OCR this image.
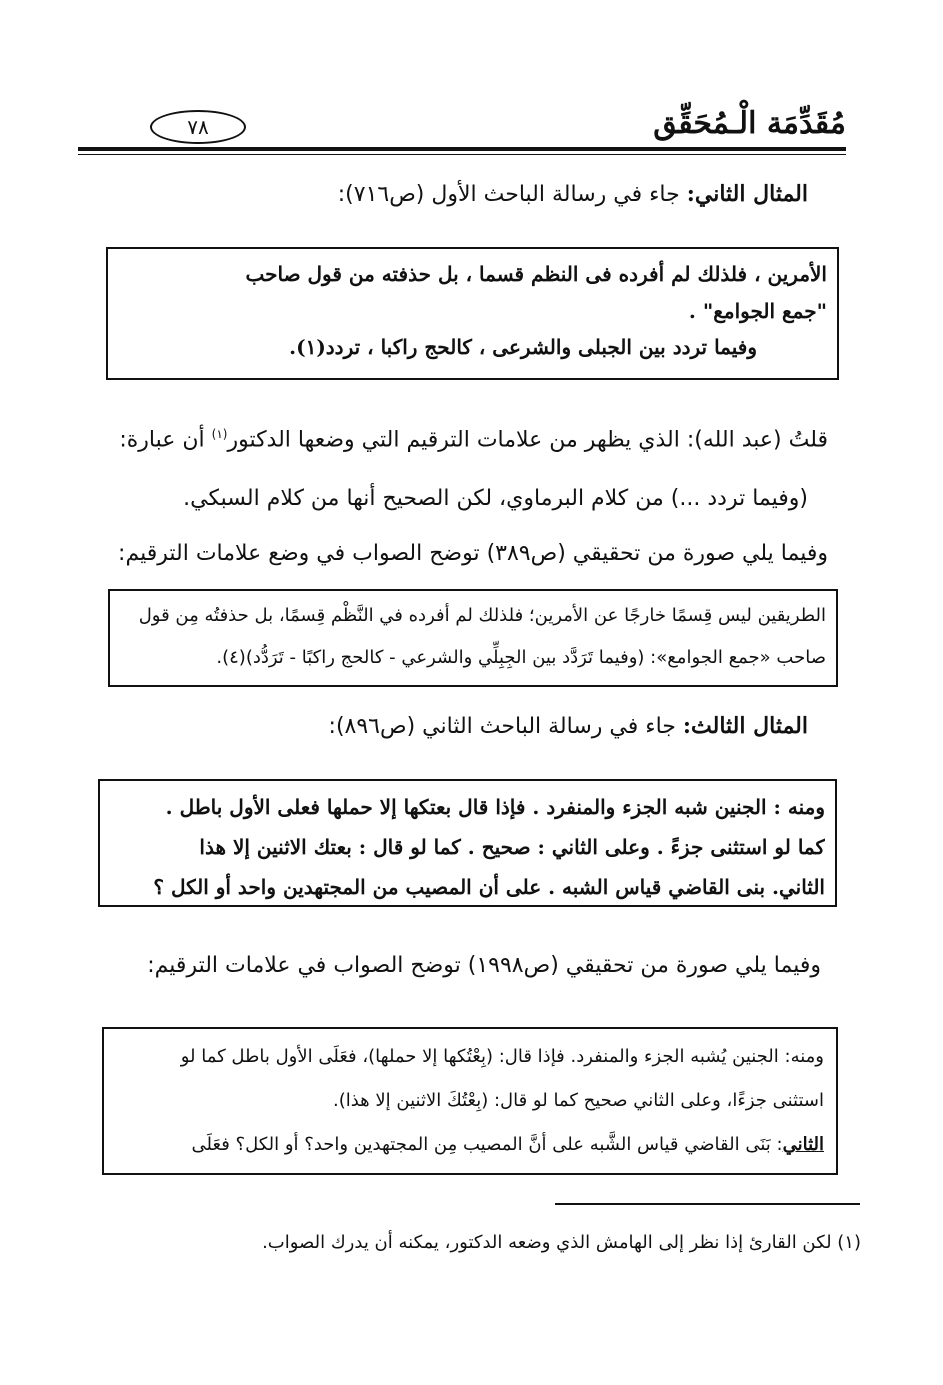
مُقَدِّمَة الْـمُحَقِّق
٧٨
المثال الثاني: جاء في رسالة الباحث الأول (ص٧١٦):
الأمرين ، فلذلك لم أفرده فى النظم قسما ، بل حذفته من قول صاحب
"جمع الجوامع" .
وفيما تردد بين الجبلى والشرعى ، كالحج راكبا ، تردد(١).
قلتُ (عبد الله): الذي يظهر من علامات الترقيم التي وضعها الدكتور$^{(١)}$ أن عبارة:
(وفيما تردد ...) من كلام البرماوي، لكن الصحيح أنها من كلام السبكي.
وفيما يلي صورة من تحقيقي (ص٣٨٩) توضح الصواب في وضع علامات الترقيم:
الطريقين ليس قِسمًا خارجًا عن الأمرين؛ فلذلك لم أفرده في النَّظْم قِسمًا، بل حذفتُه مِن قول
صاحب «جمع الجوامع»: (وفيما تَرَدَّد بين الجِبِلِّي والشرعي - كالحج راكبًا - تَرَدُّد)(٤).
المثال الثالث: جاء في رسالة الباحث الثاني (ص٨٩٦):
ومنه : الجنين شبه الجزء والمنفرد . فإذا قال بعتكها إلا حملها فعلى الأول باطل .
كما لو استثنى جزءً . وعلى الثاني : صحيح . كما لو قال : بعتك الاثنين إلا هذا
الثاني. بنى القاضي قياس الشبه . على أن المصيب من المجتهدين واحد أو الكل ؟
وفيما يلي صورة من تحقيقي (ص١٩٩٨) توضح الصواب في علامات الترقيم:
ومنه: الجنين يُشبه الجزء والمنفرد. فإذا قال: (بِعْتُكها إلا حملها)، فعَلَى الأول باطل كما لو
استثنى جزءًا، وعلى الثاني صحيح كما لو قال: (بِعْتُكَ الاثنين إلا هذا).
الثاني: بَنَى القاضي قياس الشَّبه على أنَّ المصيب مِن المجتهدين واحد؟ أو الكل؟ فعَلَى
(١) لكن القارئ إذا نظر إلى الهامش الذي وضعه الدكتور، يمكنه أن يدرك الصواب.
